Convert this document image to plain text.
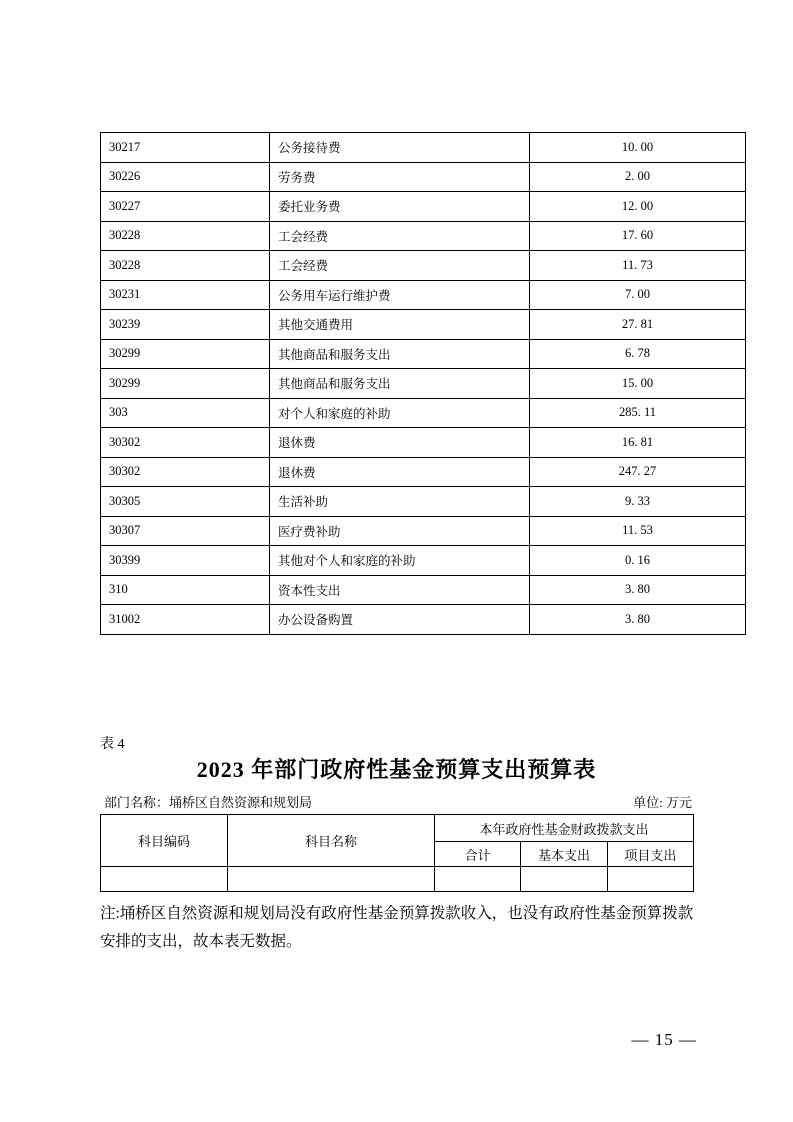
30217	公务接待费	10. 00
30226	劳务费	2. 00
30227	委托业务费	12. 00
30228	工会经费	17. 60
30228	工会经费	11. 73
30231	公务用车运行维护费	7. 00
30239	其他交通费用	27. 81
30299	其他商品和服务支出	6. 78
30299	其他商品和服务支出	15. 00
303	对个人和家庭的补助	285. 11
30302	退休费	16. 81
30302	退休费	247. 27
30305	生活补助	9. 33
30307	医疗费补助	11. 53
30399	其他对个人和家庭的补助	0. 16
310	资本性支出	3. 80
31002	办公设备购置	3. 80
表 4
2023 年部门政府性基金预算支出预算表
部门名称：埇桥区自然资源和规划局	单位: 万元
科目编码	科目名称	本年政府性基金财政拨款支出		
		合计	基本支出	项目支出

注:埇桥区自然资源和规划局没有政府性基金预算拨款收入，也没有政府性基金预算拨款安排的支出，故本表无数据。
— 15 —
